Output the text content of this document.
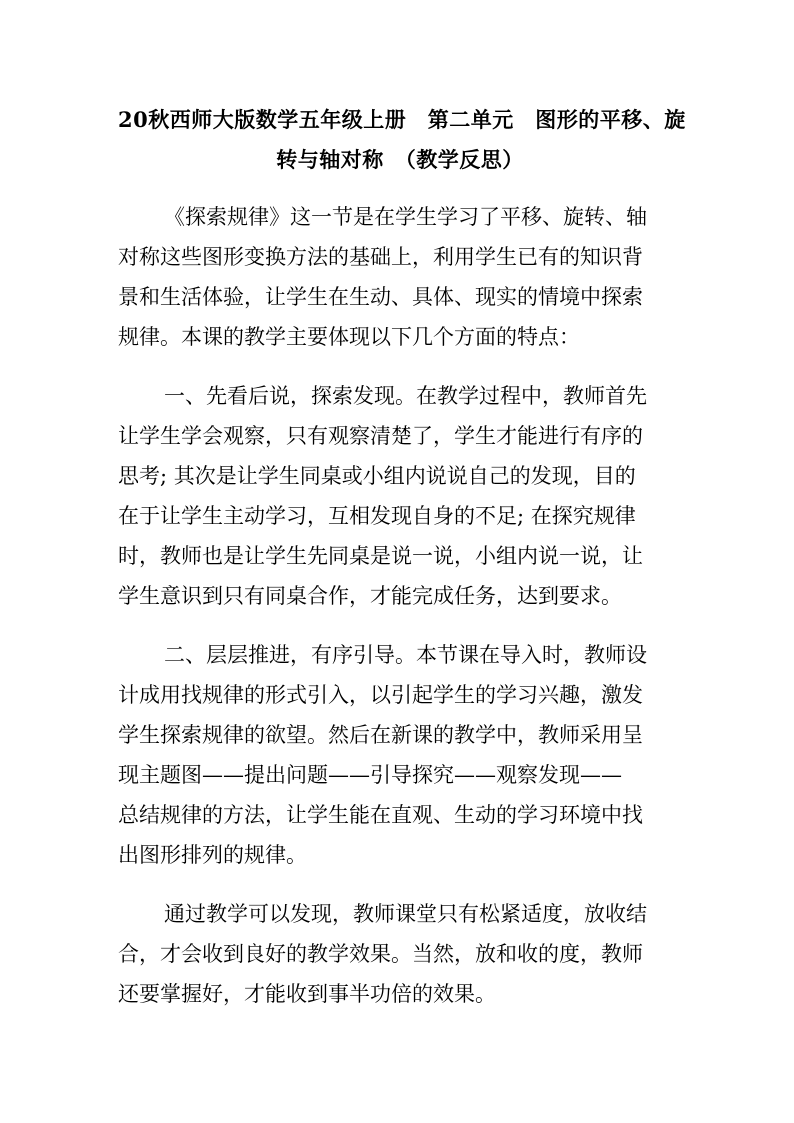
20秋西师大版数学五年级上册　第二单元　图形的平移、旋
转与轴对称　（教学反思）
《探索规律》这一节是在学生学习了平移、旋转、轴
对称这些图形变换方法的基础上，利用学生已有的知识背
景和生活体验，让学生在生动、具体、现实的情境中探索
规律。本课的教学主要体现以下几个方面的特点：
一、先看后说，探索发现。在教学过程中，教师首先
让学生学会观察，只有观察清楚了，学生才能进行有序的
思考; 其次是让学生同桌或小组内说说自己的发现，目的
在于让学生主动学习，互相发现自身的不足; 在探究规律
时，教师也是让学生先同桌是说一说，小组内说一说，让
学生意识到只有同桌合作，才能完成任务，达到要求。
二、层层推进，有序引导。本节课在导入时，教师设
计成用找规律的形式引入，以引起学生的学习兴趣，激发
学生探索规律的欲望。然后在新课的教学中，教师采用呈
现主题图——提出问题——引导探究——观察发现——
总结规律的方法，让学生能在直观、生动的学习环境中找
出图形排列的规律。
通过教学可以发现，教师课堂只有松紧适度，放收结
合，才会收到良好的教学效果。当然，放和收的度，教师
还要掌握好，才能收到事半功倍的效果。
